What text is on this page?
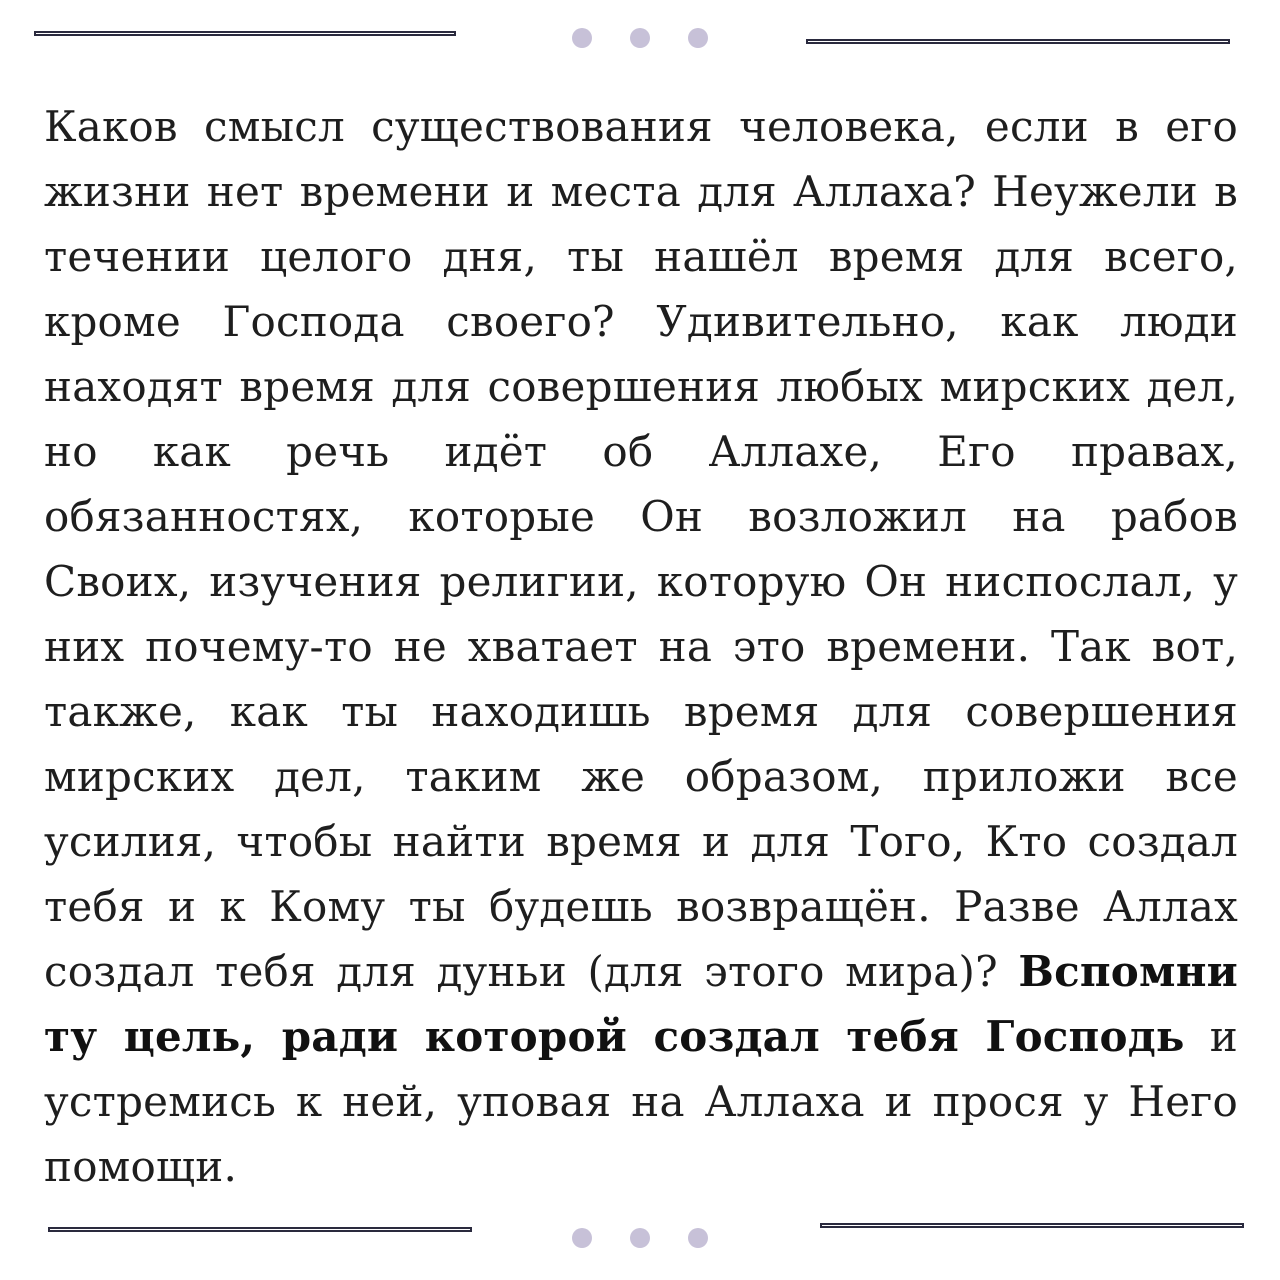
Каков смысл существования человека, если в его жизни нет времени и места для Аллаха? Неужели в течении целого дня, ты нашёл время для всего, кроме Господа своего? Удивительно, как люди находят время для совершения любых мирских дел, но как речь идёт об Аллахе, Его правах, обязанностях, которые Он возложил на рабов Своих, изучения религии, которую Он ниспослал, у них почему-то не хватает на это времени. Так вот, также, как ты находишь время для совершения мирских дел, таким же образом, приложи все усилия, чтобы найти время и для Того, Кто создал тебя и к Кому ты будешь возвращён. Разве Аллах создал тебя для дуньи (для этого мира)? Вспомни ту цель, ради которой создал тебя Господь и устремись к ней, уповая на Аллаха и прося у Него помощи.
